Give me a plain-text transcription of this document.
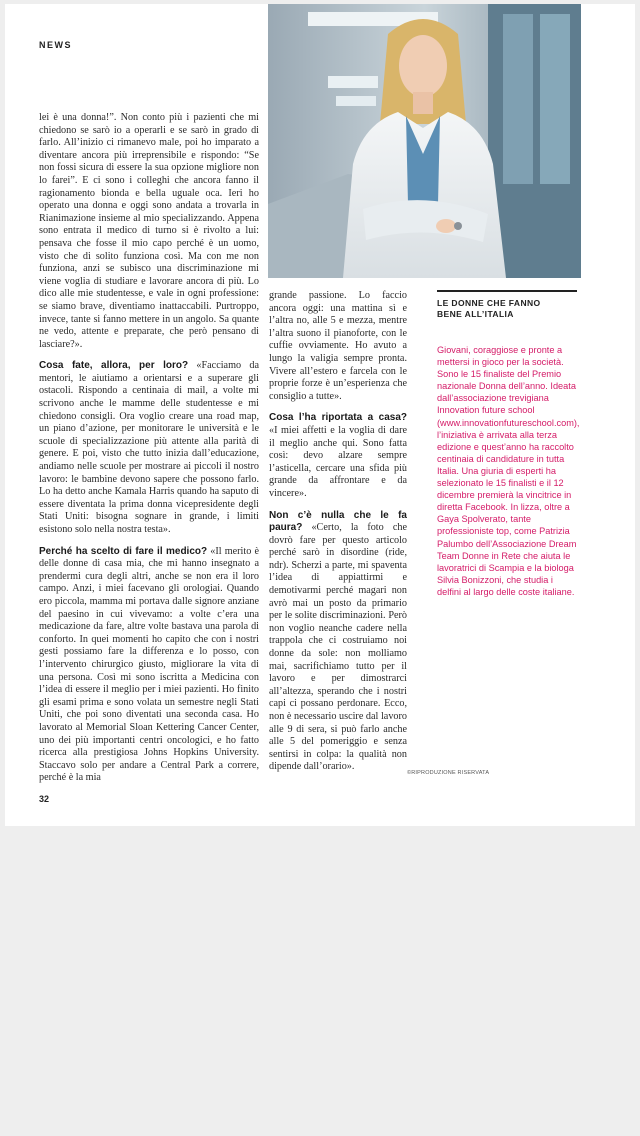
NEWS

lei è una donna!”. Non conto più i pazienti che mi chiedono se sarò io a operarli e se sarò in grado di farlo. All’inizio ci rimanevo male, poi ho imparato a diventare ancora più irreprensibile e rispondo: “Se non fossi sicura di essere la sua opzione migliore non lo farei”. E ci sono i colleghi che ancora fanno il ragionamento bionda e bella uguale oca. Ieri ho operato una donna e oggi sono andata a trovarla in Rianimazione insieme al mio specializzando. Appena sono entrata il medico di turno si è rivolto a lui: pensava che fosse il mio capo perché è un uomo, visto che di solito funziona così. Ma con me non funziona, anzi se subisco una discriminazione mi viene voglia di studiare e lavorare ancora di più. Lo dico alle mie studentesse, e vale in ogni professione: se siamo brave, diventiamo inattaccabili. Purtroppo, invece, tante si fanno mettere in un angolo. Sa quante ne vedo, attente e preparate, che però pensano di lasciare?».

Cosa fate, allora, per loro? «Facciamo da mentori, le aiutiamo a orientarsi e a superare gli ostacoli. Rispondo a centinaia di mail, a volte mi scrivono anche le mamme delle studentesse e mi chiedono consigli. Ora voglio creare una road map, un piano d’azione, per monitorare le università e le scuole di specializzazione più attente alla parità di genere. E poi, visto che tutto inizia dall’educazione, andiamo nelle scuole per mostrare ai piccoli il nostro lavoro: le bambine devono sapere che possono farlo. Lo ha detto anche Kamala Harris quando ha saputo di essere diventata la prima donna vicepresidente degli Stati Uniti: bisogna sognare in grande, i limiti esistono solo nella nostra testa».

Perché ha scelto di fare il medico? «Il merito è delle donne di casa mia, che mi hanno insegnato a prendermi cura degli altri, anche se non era il loro campo. Anzi, i miei facevano gli orologiai. Quando ero piccola, mamma mi portava dalle signore anziane del paesino in cui vivevamo: a volte c’era una medicazione da fare, altre volte bastava una parola di conforto. In quei momenti ho capito che con i nostri gesti possiamo fare la differenza e lo posso, con l’intervento chirurgico giusto, migliorare la vita di una persona. Così mi sono iscritta a Medicina con l’idea di essere il meglio per i miei pazienti. Ho finito gli esami prima e sono volata un semestre negli Stati Uniti, che poi sono diventati una seconda casa. Ho lavorato al Memorial Sloan Kettering Cancer Center, uno dei più importanti centri oncologici, e ho fatto ricerca alla prestigiosa Johns Hopkins University. Staccavo solo per andare a Central Park a correre, perché è la mia

grande passione. Lo faccio ancora oggi: una mattina sì e l’altra no, alle 5 e mezza, mentre l’altra suono il pianoforte, con le cuffie ovviamente. Ho avuto a lungo la valigia sempre pronta. Vivere all’estero e farcela con le proprie forze è un’esperienza che consiglio a tutte».

Cosa l’ha riportata a casa? «I miei affetti e la voglia di dare il meglio anche qui. Sono fatta così: devo alzare sempre l’asticella, cercare una sfida più grande da affrontare e da vincere».

Non c’è nulla che le fa paura? «Certo, la foto che dovrò fare per questo articolo perché sarò in disordine (ride, ndr). Scherzi a parte, mi spaventa l’idea di appiattirmi e demotivarmi perché magari non avrò mai un posto da primario per le solite discriminazioni. Però non voglio neanche cadere nella trappola che ci costruiamo noi donne da sole: non molliamo mai, sacrifichiamo tutto per il lavoro e per dimostrarci all’altezza, sperando che i nostri capi ci possano perdonare. Ecco, non è necessario uscire dal lavoro alle 9 di sera, si può farlo anche alle 5 del pomeriggio e senza sentirsi in colpa: la qualità non dipende dall’orario».

LE DONNE CHE FANNO
BENE ALL’ITALIA
Giovani, coraggiose e pronte a mettersi in gioco per la società. Sono le 15 finaliste del Premio nazionale Donna dell’anno. Ideata dall’associazione trevigiana Innovation future school (www.innovationfutureschool.com), l’iniziativa è arrivata alla terza edizione e quest’anno ha raccolto centinaia di candidature in tutta Italia. Una giuria di esperti ha selezionato le 15 finalisti e il 12 dicembre premierà la vincitrice in diretta Facebook. In lizza, oltre a Gaya Spolverato, tante professioniste top, come Patrizia Palumbo dell’Associazione Dream Team Donne in Rete che aiuta le lavoratrici di Scampia e la biologa Silvia Bonizzoni, che studia i delfini al largo delle coste italiane.
©RIPRODUZIONE RISERVATA
32
